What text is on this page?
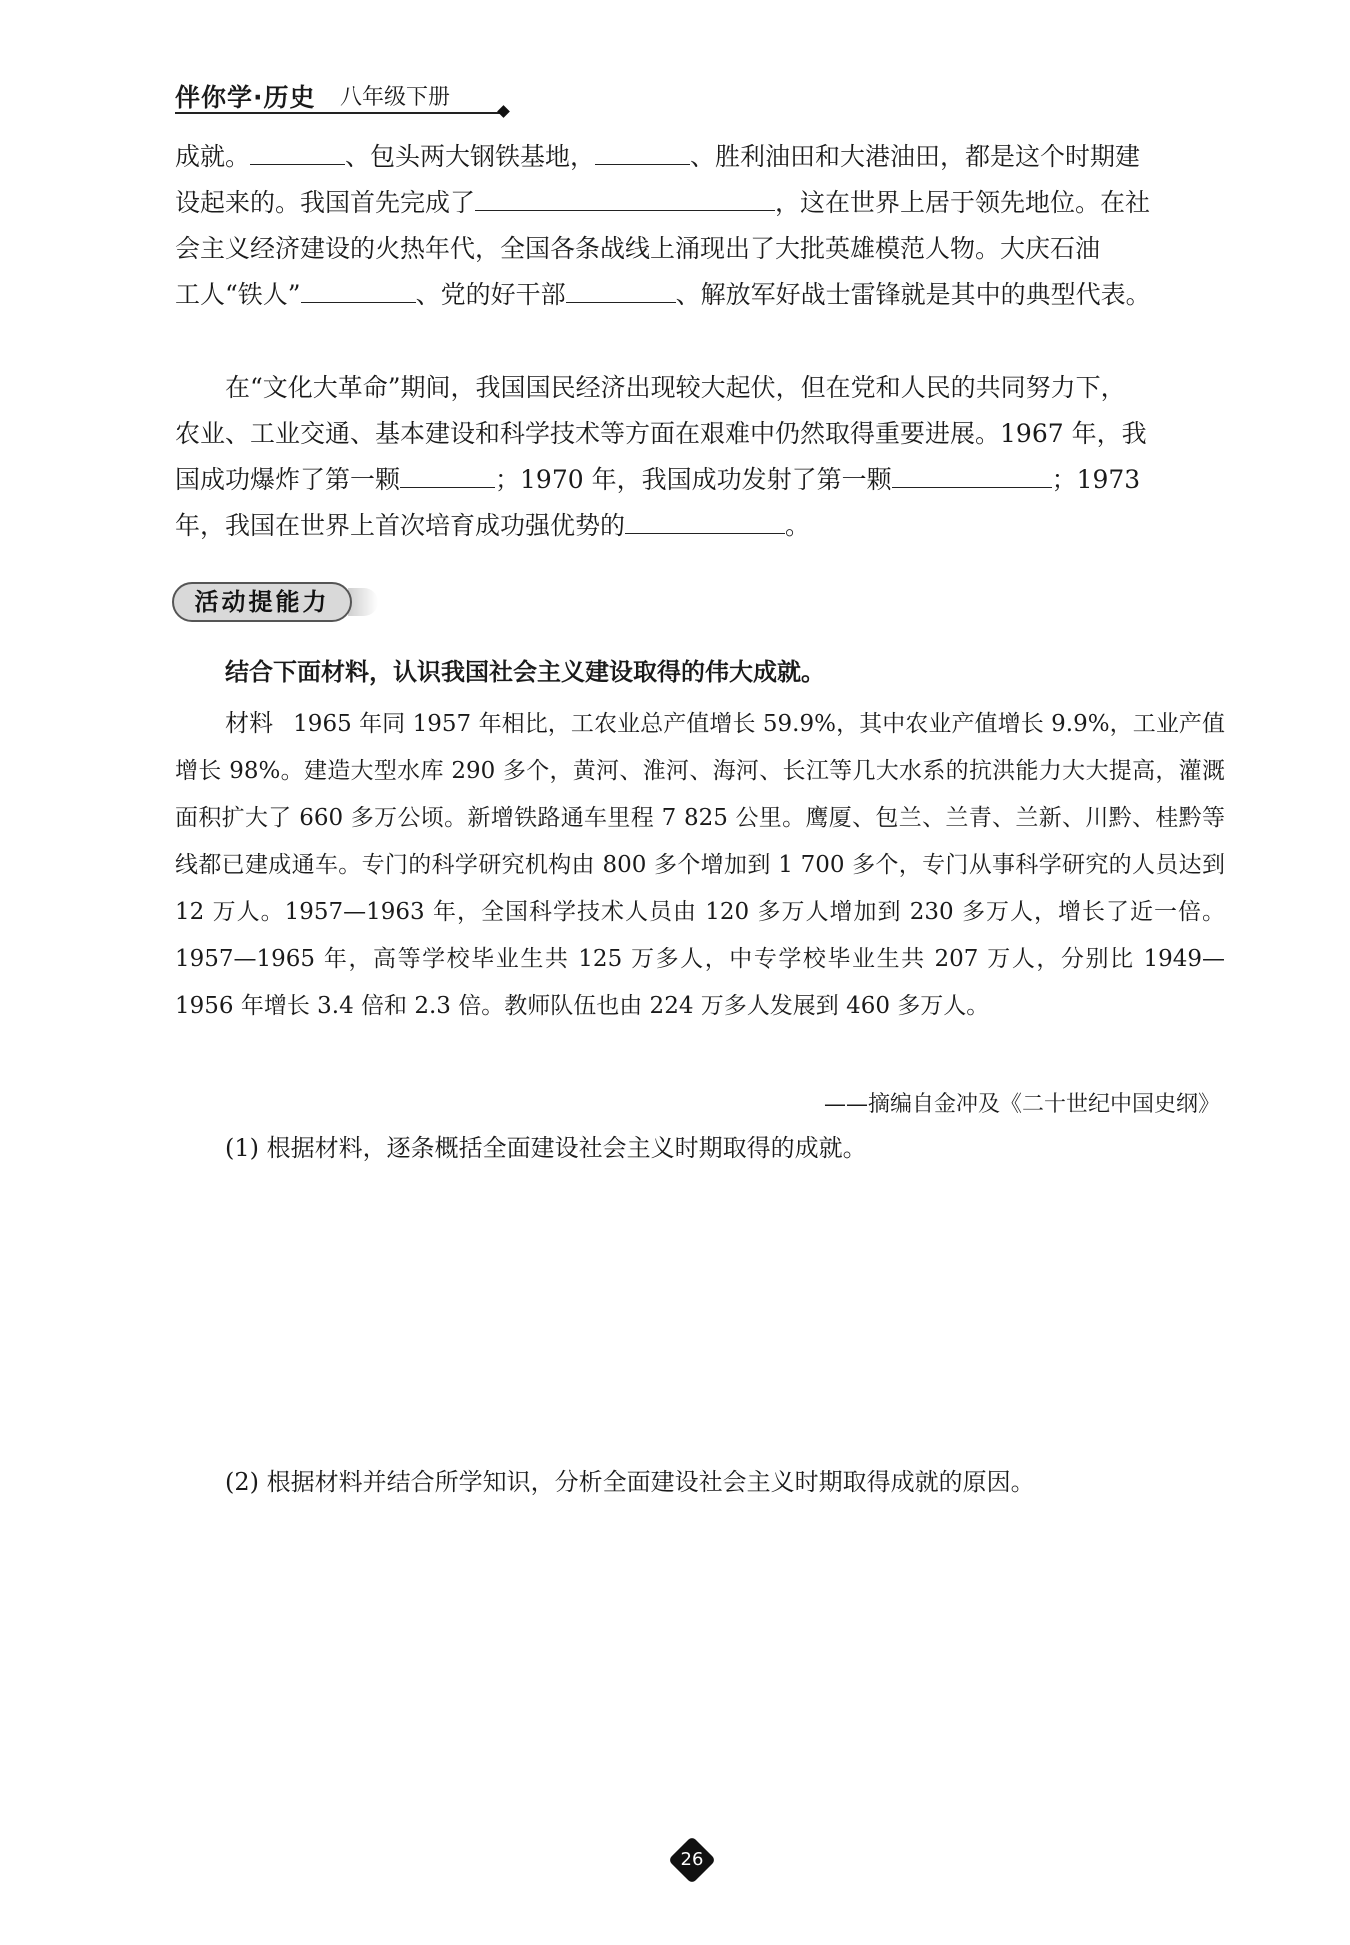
伴你学·历史 八年级下册

成就。	、包头两大钢铁基地，	、胜利油田和大港油田，都是这个时期建

设起来的。我国首先完成了	，这在世界上居于领先地位。在社

会主义经济建设的火热年代，全国各条战线上涌现出了大批英雄模范人物。大庆石油

工人“铁人”	、党的好干部	、解放军好战士雷锋就是其中的典型代表。

在“文化大革命”期间，我国国民经济出现较大起伏，但在党和人民的共同努力下，

农业、工业交通、基本建设和科学技术等方面在艰难中仍然取得重要进展。1967 年，我

国成功爆炸了第一颗	；1970 年，我国成功发射了第一颗	；1973

年，我国在世界上首次培育成功强优势的	。

活动提能力
结合下面材料，认识我国社会主义建设取得的伟大成就。

材料 1965 年同 1957 年相比，工农业总产值增长 59.9%，其中农业产值增长 9.9%，工业产值增长 98%。建造大型水库 290 多个，黄河、淮河、海河、长江等几大水系的抗洪能力大大提高，灌溉面积扩大了 660 多万公顷。新增铁路通车里程 7 825 公里。鹰厦、包兰、兰青、兰新、川黔、桂黔等线都已建成通车。专门的科学研究机构由 800 多个增加到 1 700 多个，专门从事科学研究的人员达到 12 万人。1957—1963 年，全国科学技术人员由 120 多万人增加到 230 多万人，增长了近一倍。1957—1965 年，高等学校毕业生共 125 万多人，中专学校毕业生共 207 万人，分别比 1949—1956 年增长 3.4 倍和 2.3 倍。教师队伍也由 224 万多人发展到 460 多万人。

——摘编自金冲及《二十世纪中国史纲》
(1) 根据材料，逐条概括全面建设社会主义时期取得的成就。
(2) 根据材料并结合所学知识，分析全面建设社会主义时期取得成就的原因。
26
